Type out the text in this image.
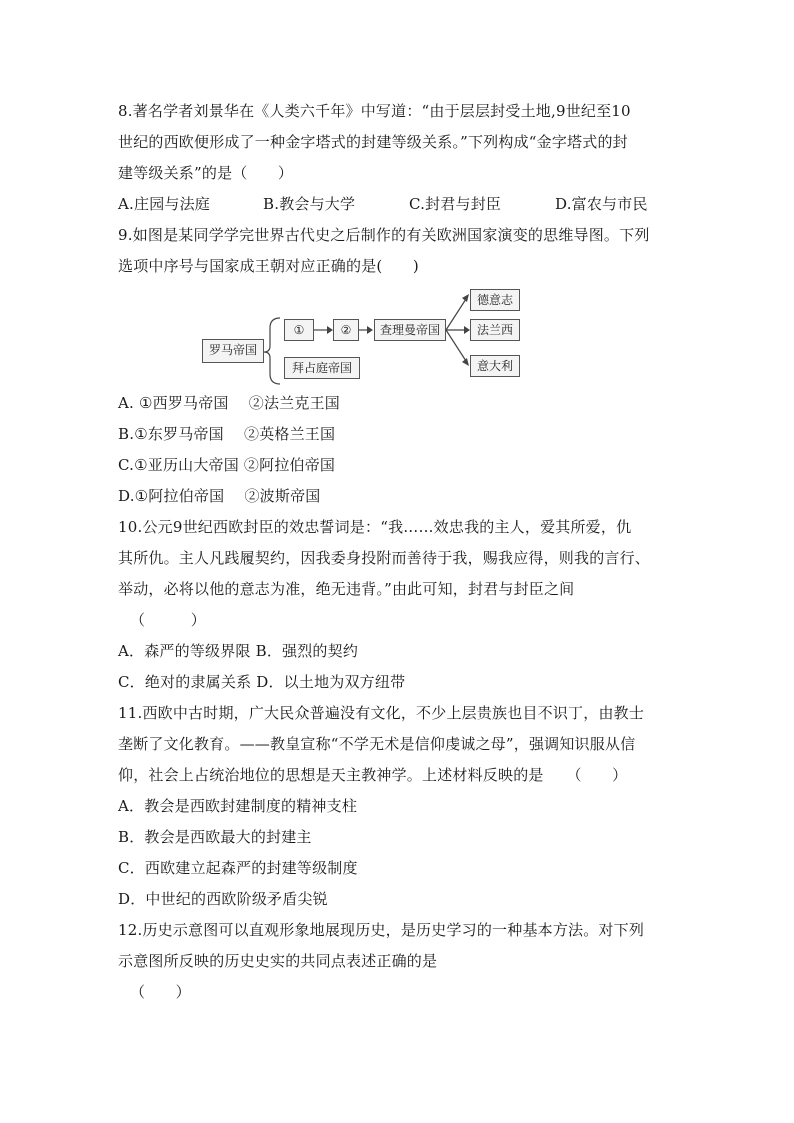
8.著名学者刘景华在《人类六千年》中写道：“由于层层封受土地,9世纪至10
世纪的西欧便形成了一种金字塔式的封建等级关系。”下列构成“金字塔式的封
建等级关系”的是（　　）
A.庄园与法庭	B.教会与大学	C.封君与封臣	D.富农与市民
9.如图是某同学学完世界古代史之后制作的有关欧洲国家演变的思维导图。下列
选项中序号与国家成王朝对应正确的是(　　)
罗马帝国
①	②	查理曼帝国
拜占庭帝国
德意志
法兰西
意大利
A. ①西罗马帝国　 ②法兰克王国
B.①东罗马帝国　 ②英格兰王国
C.①亚历山大帝国 ②阿拉伯帝国
D.①阿拉伯帝国　 ②波斯帝国
10.公元9世纪西欧封臣的效忠誓词是：“我……效忠我的主人，爱其所爱，仇
其所仇。主人凡践履契约，因我委身投附而善待于我，赐我应得，则我的言行、
举动，必将以他的意志为准，绝无违背。”由此可知，封君与封臣之间
（　　　）
A．森严的等级界限 B．强烈的契约
C．绝对的隶属关系 D．以土地为双方纽带
11.西欧中古时期，广大民众普遍没有文化，不少上层贵族也目不识丁，由教士
垄断了文化教育。——教皇宣称“不学无术是信仰虔诚之母”，强调知识服从信
仰，社会上占统治地位的思想是天主教神学。上述材料反映的是　　（　　）
A．教会是西欧封建制度的精神支柱
B．教会是西欧最大的封建主
C．西欧建立起森严的封建等级制度
D．中世纪的西欧阶级矛盾尖锐
12.历史示意图可以直观形象地展现历史，是历史学习的一种基本方法。对下列
示意图所反映的历史史实的共同点表述正确的是
（　　）
